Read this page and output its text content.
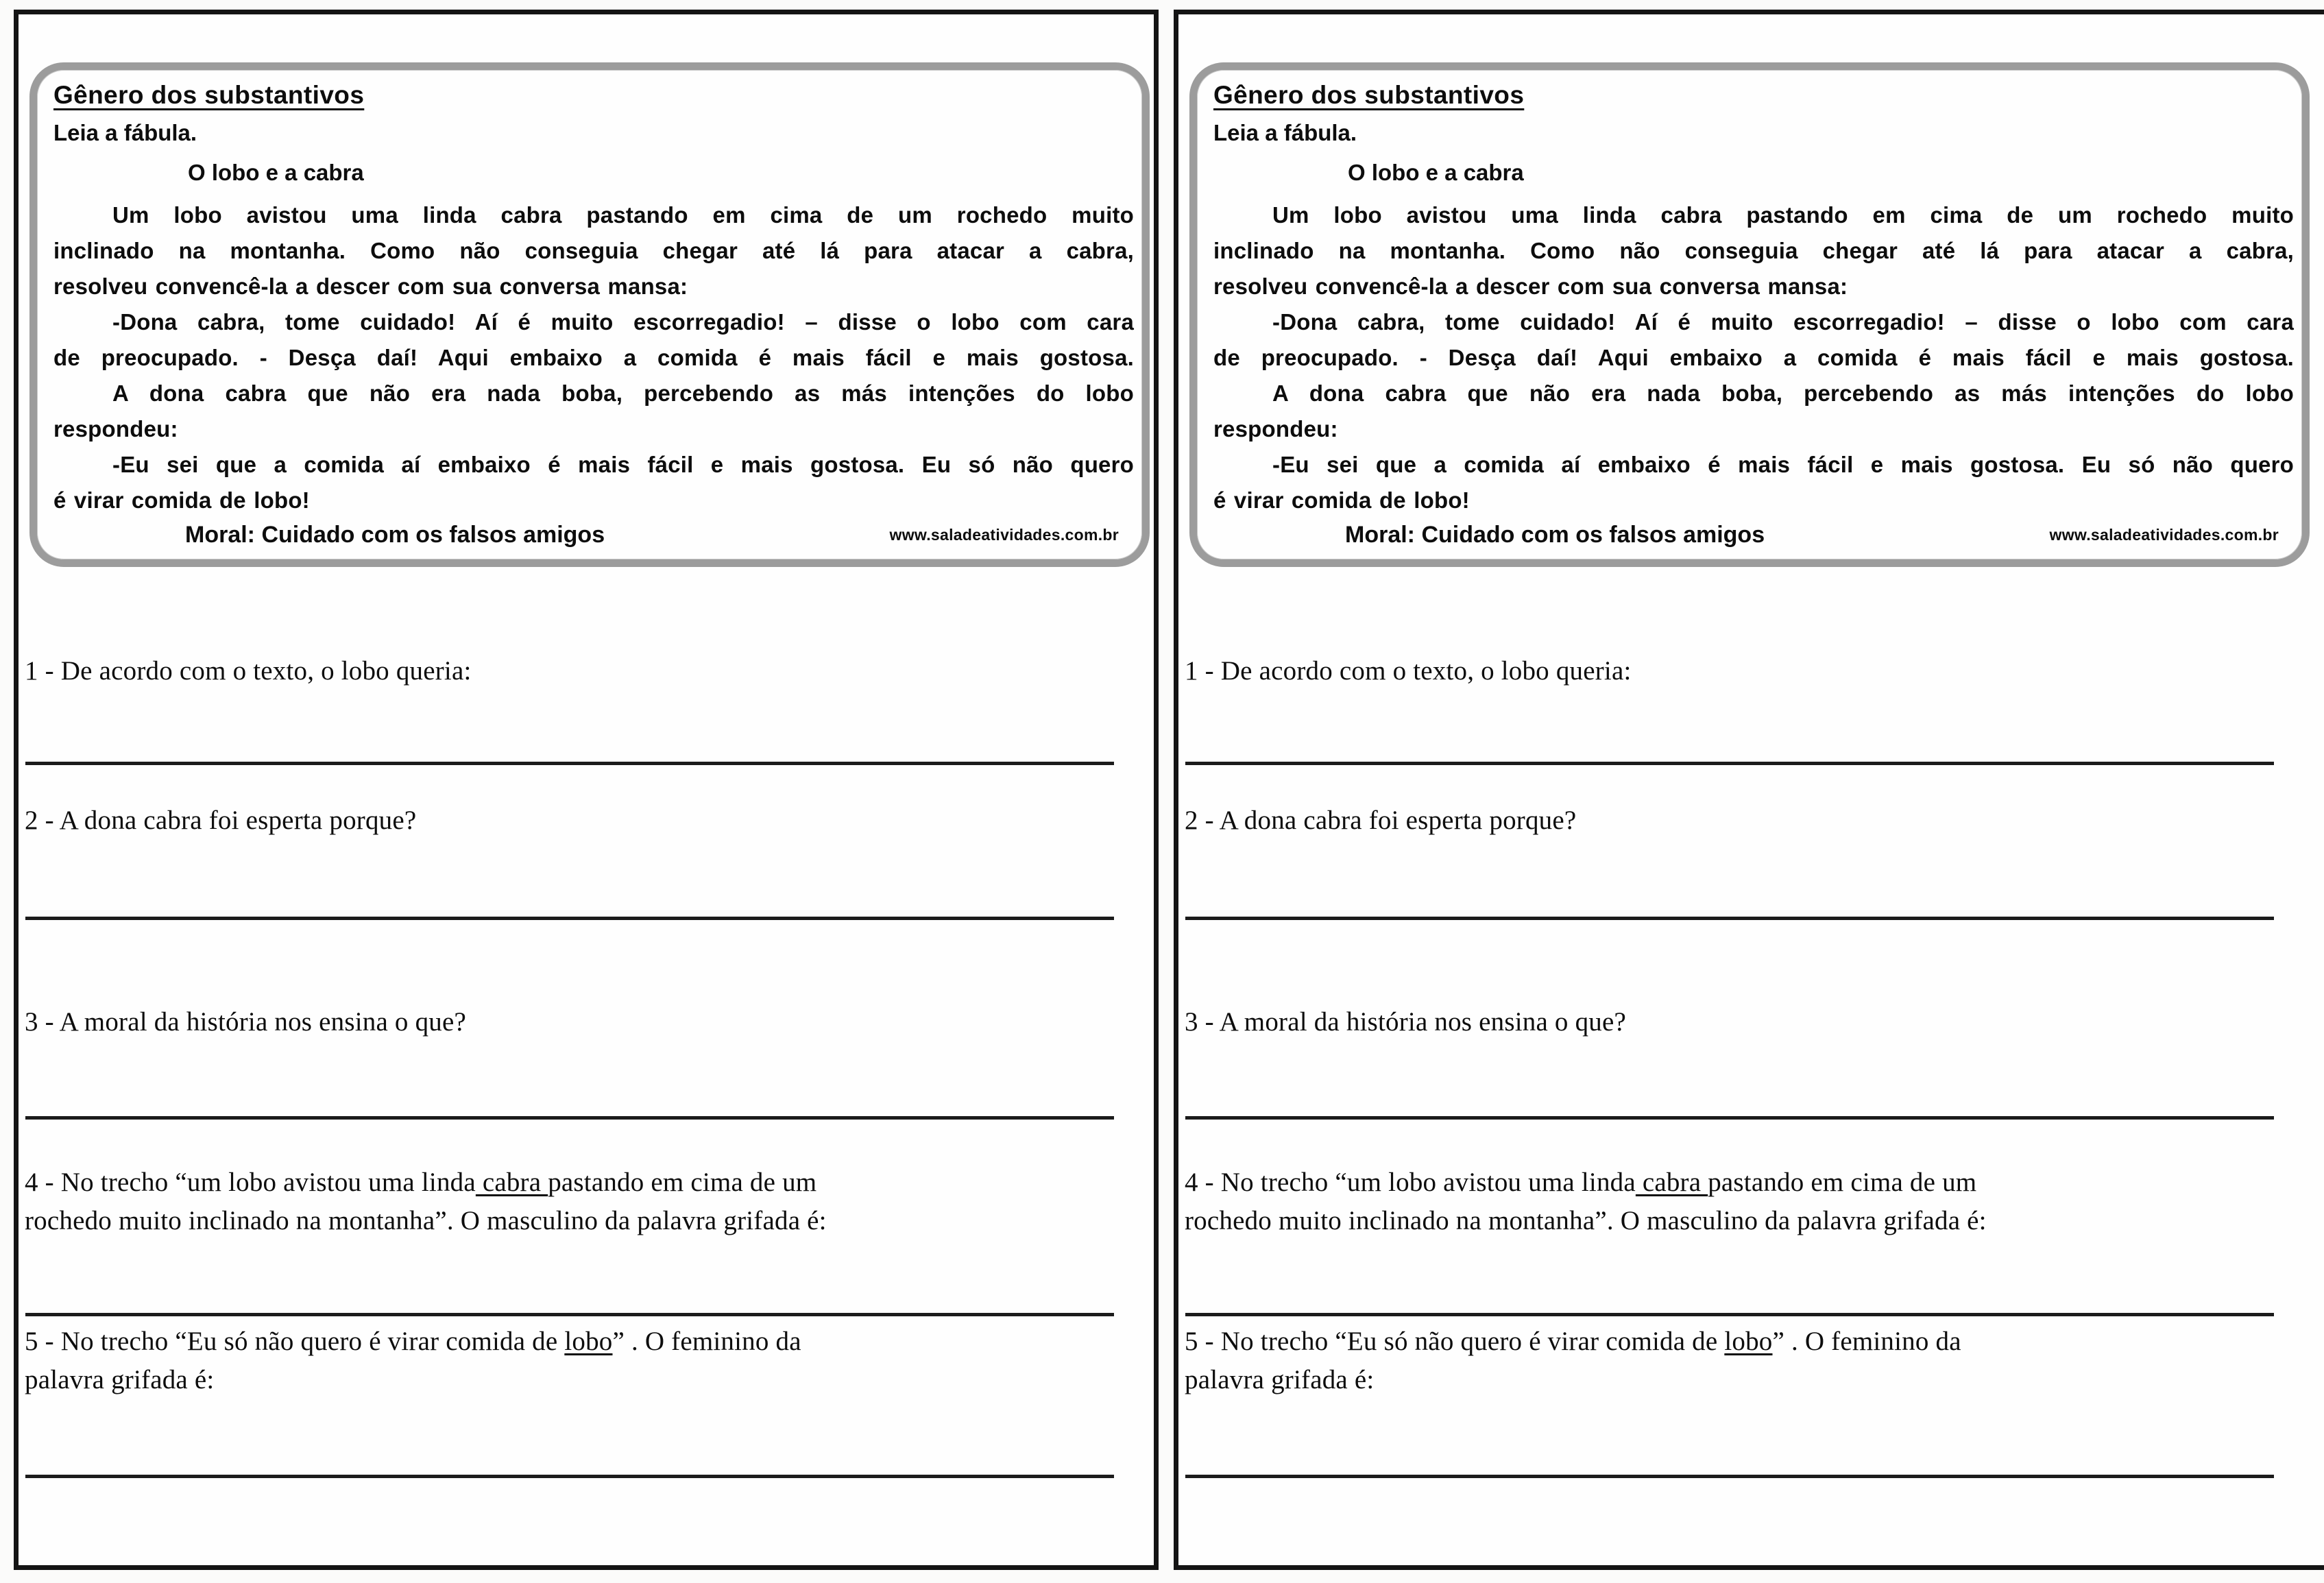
Gênero dos substantivos
Leia a fábula.
O lobo e a cabra
Um lobo avistou uma linda cabra pastando em cima de um rochedo muito
inclinado na montanha. Como não conseguia chegar até lá para atacar a cabra,
resolveu convencê-la a descer com sua conversa mansa:
-Dona cabra, tome cuidado! Aí é muito escorregadio! – disse o lobo com cara
de preocupado. - Desça daí! Aqui embaixo a comida é mais fácil e mais gostosa.
A dona cabra que não era nada boba, percebendo as más intenções do lobo
respondeu:
-Eu sei que a comida aí embaixo é mais fácil e mais gostosa. Eu só não quero
é virar comida de lobo!
Moral: Cuidado com os falsos amigos	www.saladeatividades.com.br
1 - De acordo com o texto, o lobo queria:
2 - A dona cabra foi esperta porque?
3 - A moral da história nos ensina o que?
4 - No trecho “um lobo avistou uma linda cabra pastando em cima de um
rochedo muito inclinado na montanha”. O masculino da palavra grifada é:
5 - No trecho “Eu só não quero é virar comida de lobo” . O feminino da
palavra grifada é:
Gênero dos substantivos
Leia a fábula.
O lobo e a cabra
Um lobo avistou uma linda cabra pastando em cima de um rochedo muito
inclinado na montanha. Como não conseguia chegar até lá para atacar a cabra,
resolveu convencê-la a descer com sua conversa mansa:
-Dona cabra, tome cuidado! Aí é muito escorregadio! – disse o lobo com cara
de preocupado. - Desça daí! Aqui embaixo a comida é mais fácil e mais gostosa.
A dona cabra que não era nada boba, percebendo as más intenções do lobo
respondeu:
-Eu sei que a comida aí embaixo é mais fácil e mais gostosa. Eu só não quero
é virar comida de lobo!
Moral: Cuidado com os falsos amigos	www.saladeatividades.com.br
1 - De acordo com o texto, o lobo queria:
2 - A dona cabra foi esperta porque?
3 - A moral da história nos ensina o que?
4 - No trecho “um lobo avistou uma linda cabra pastando em cima de um
rochedo muito inclinado na montanha”. O masculino da palavra grifada é:
5 - No trecho “Eu só não quero é virar comida de lobo” . O feminino da
palavra grifada é:
